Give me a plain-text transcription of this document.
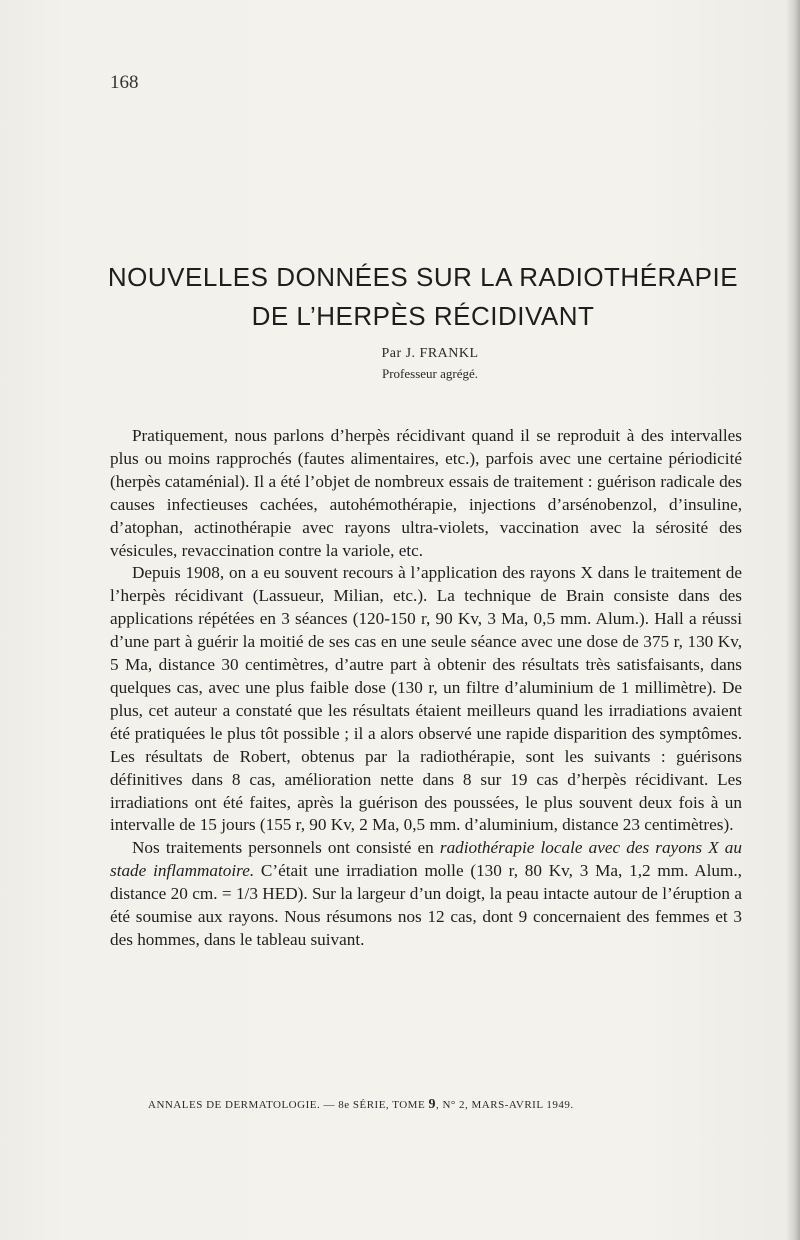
168
NOUVELLES DONNÉES SUR LA RADIOTHÉRAPIE
DE L’HERPÈS RÉCIDIVANT
Par J. FRANKL
Professeur agrégé.

Pratiquement, nous parlons d’herpès récidivant quand il se reproduit à des intervalles plus ou moins rapprochés (fautes alimentaires, etc.), parfois avec une certaine périodicité (herpès cataménial). Il a été l’objet de nombreux essais de traitement : guérison radicale des causes infectieuses cachées, autohémothérapie, injections d’arsénobenzol, d’insuline, d’atophan, actinothérapie avec rayons ultra-violets, vaccination avec la sérosité des vésicules, revaccination contre la variole, etc.

Depuis 1908, on a eu souvent recours à l’application des rayons X dans le traitement de l’herpès récidivant (Lassueur, Milian, etc.). La technique de Brain consiste dans des applications répétées en 3 séances (120-150 r, 90 Kv, 3 Ma, 0,5 mm. Alum.). Hall a réussi d’une part à guérir la moitié de ses cas en une seule séance avec une dose de 375 r, 130 Kv, 5 Ma, distance 30 centimètres, d’autre part à obtenir des résultats très satisfaisants, dans quelques cas, avec une plus faible dose (130 r, un filtre d’aluminium de 1 millimètre). De plus, cet auteur a constaté que les résultats étaient meilleurs quand les irradiations avaient été pratiquées le plus tôt possible ; il a alors observé une rapide disparition des symptômes. Les résultats de Robert, obtenus par la radiothérapie, sont les suivants : guérisons définitives dans 8 cas, amélioration nette dans 8 sur 19 cas d’herpès récidivant. Les irradiations ont été faites, après la guérison des poussées, le plus souvent deux fois à un intervalle de 15 jours (155 r, 90 Kv, 2 Ma, 0,5 mm. d’aluminium, distance 23 centimètres).

Nos traitements personnels ont consisté en radiothérapie locale avec des rayons X au stade inflammatoire. C’était une irradiation molle (130 r, 80 Kv, 3 Ma, 1,2 mm. Alum., distance 20 cm. = 1/3 HED). Sur la largeur d’un doigt, la peau intacte autour de l’éruption a été soumise aux rayons. Nous résumons nos 12 cas, dont 9 concernaient des femmes et 3 des hommes, dans le tableau suivant.

ANNALES DE DERMATOLOGIE. — 8e SÉRIE, TOME 9, N° 2, MARS-AVRIL 1949.
